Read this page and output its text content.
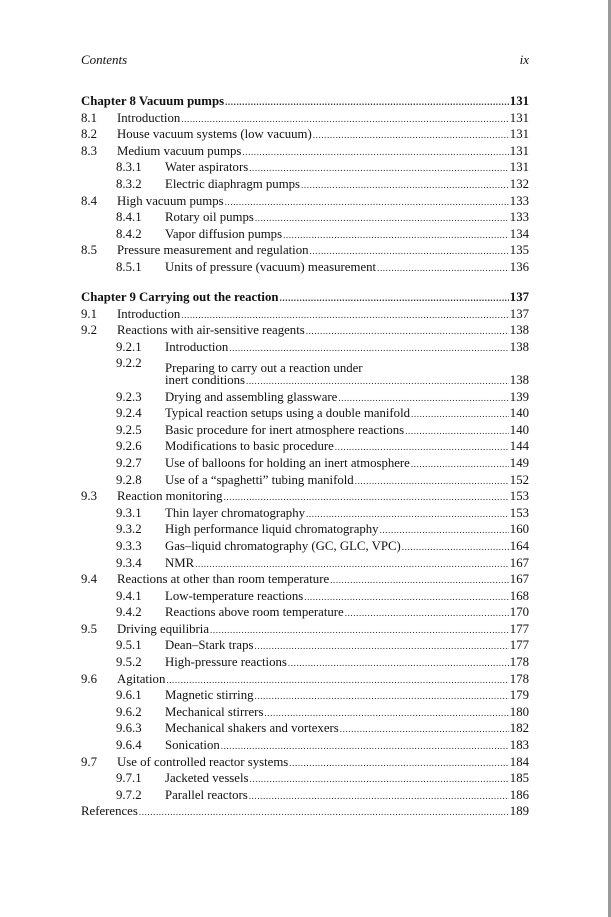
Contents	ix
Chapter 8 Vacuum pumps .....	131
8.1 Introduction .....	131
8.2 House vacuum systems (low vacuum) .....	131
8.3 Medium vacuum pumps .....	131
8.3.1 Water aspirators .....	131
8.3.2 Electric diaphragm pumps .....	132
8.4 High vacuum pumps .....	133
8.4.1 Rotary oil pumps .....	133
8.4.2 Vapor diffusion pumps .....	134
8.5 Pressure measurement and regulation .....	135
8.5.1 Units of pressure (vacuum) measurement .....	136
Chapter 9 Carrying out the reaction .....	137
9.1 Introduction .....	137
9.2 Reactions with air-sensitive reagents .....	138
9.2.1 Introduction .....	138
9.2.2 Preparing to carry out a reaction under
inert conditions .....	138
9.2.3 Drying and assembling glassware .....	139
9.2.4 Typical reaction setups using a double manifold .....	140
9.2.5 Basic procedure for inert atmosphere reactions .....	140
9.2.6 Modifications to basic procedure .....	144
9.2.7 Use of balloons for holding an inert atmosphere .....	149
9.2.8 Use of a “spaghetti” tubing manifold .....	152
9.3 Reaction monitoring .....	153
9.3.1 Thin layer chromatography .....	153
9.3.2 High performance liquid chromatography .....	160
9.3.3 Gas–liquid chromatography (GC, GLC, VPC) .....	164
9.3.4 NMR .....	167
9.4 Reactions at other than room temperature .....	167
9.4.1 Low-temperature reactions .....	168
9.4.2 Reactions above room temperature .....	170
9.5 Driving equilibria .....	177
9.5.1 Dean–Stark traps .....	177
9.5.2 High-pressure reactions .....	178
9.6 Agitation .....	178
9.6.1 Magnetic stirring .....	179
9.6.2 Mechanical stirrers .....	180
9.6.3 Mechanical shakers and vortexers .....	182
9.6.4 Sonication .....	183
9.7 Use of controlled reactor systems .....	184
9.7.1 Jacketed vessels .....	185
9.7.2 Parallel reactors .....	186
References .....	189
